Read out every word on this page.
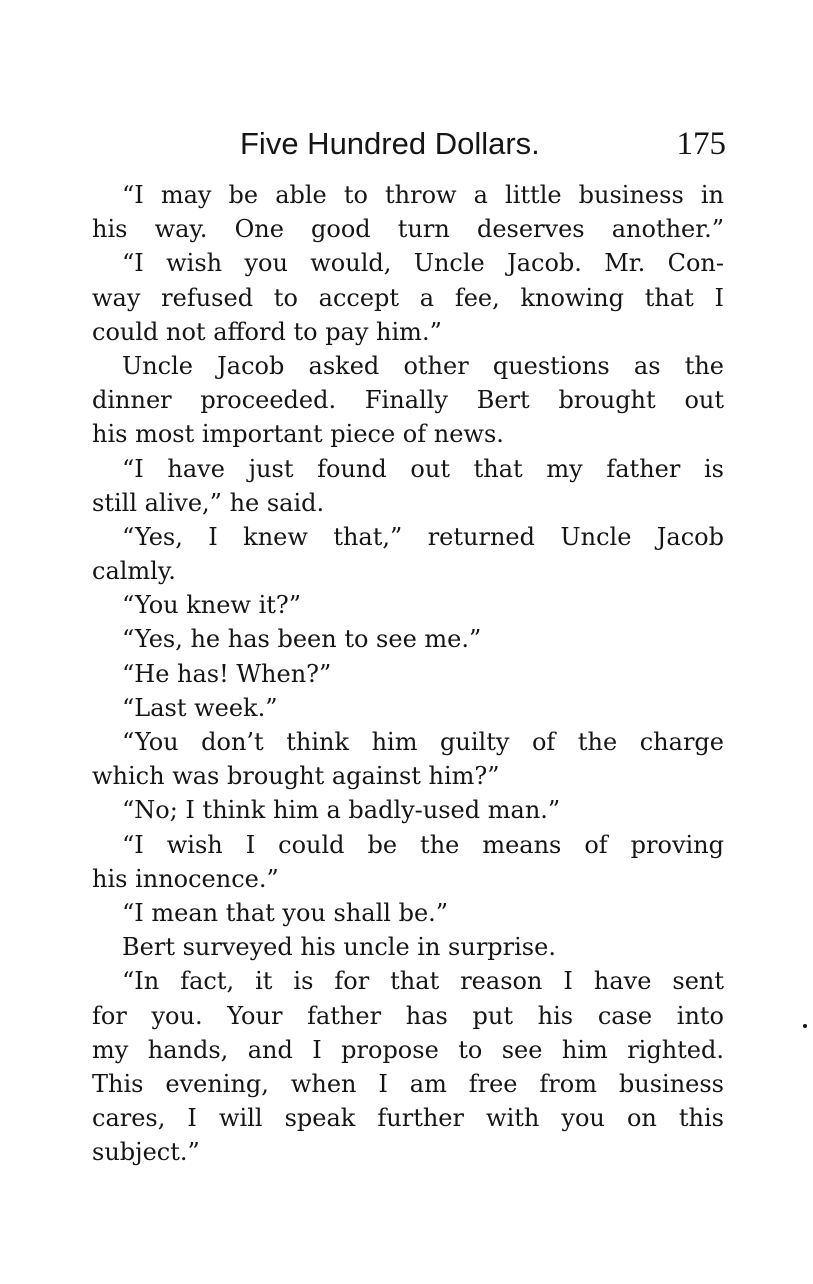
Five Hundred Dollars.	175
“I may be able to throw a little business in
his way. One good turn deserves another.”
“I wish you would, Uncle Jacob. Mr. Con-
way refused to accept a fee, knowing that I
could not afford to pay him.”
Uncle Jacob asked other questions as the
dinner proceeded. Finally Bert brought out
his most important piece of news.
“I have just found out that my father is
still alive,” he said.
“Yes, I knew that,” returned Uncle Jacob
calmly.
“You knew it?”
“Yes, he has been to see me.”
“He has! When?”
“Last week.”
“You don’t think him guilty of the charge
which was brought against him?”
“No; I think him a badly-used man.”
“I wish I could be the means of proving
his innocence.”
“I mean that you shall be.”
Bert surveyed his uncle in surprise.
“In fact, it is for that reason I have sent
for you. Your father has put his case into
my hands, and I propose to see him righted.
This evening, when I am free from business
cares, I will speak further with you on this
subject.”
